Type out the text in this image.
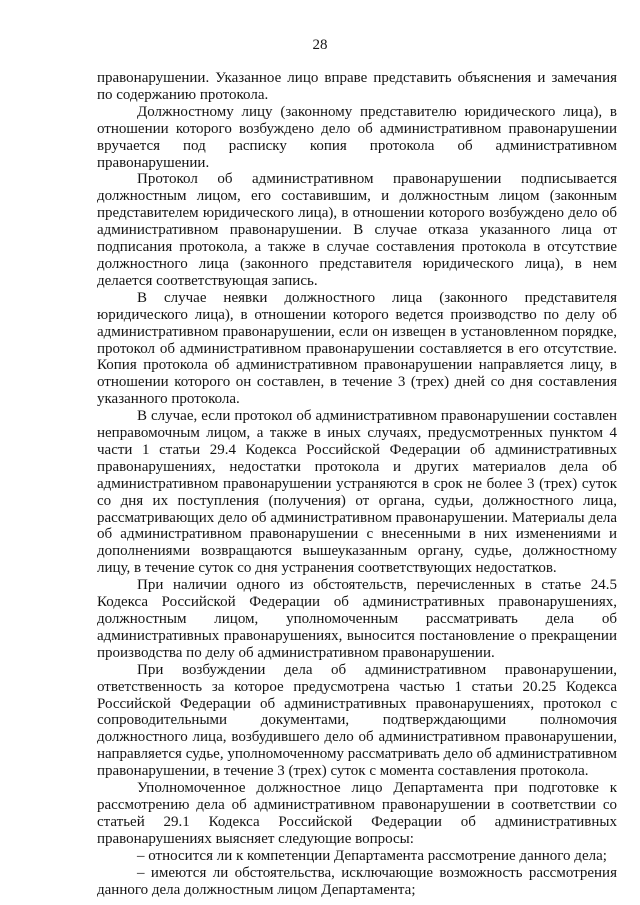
28

правонарушении. Указанное лицо вправе представить объяснения и замечания по содержанию протокола.

Должностному лицу (законному представителю юридического лица), в отношении которого возбуждено дело об административном правонарушении вручается под расписку копия протокола об административном правонарушении.

Протокол об административном правонарушении подписывается должностным лицом, его составившим, и должностным лицом (законным представителем юридического лица), в отношении которого возбуждено дело об административном правонарушении. В случае отказа указанного лица от подписания протокола, а также в случае составления протокола в отсутствие должностного лица (законного представителя юридического лица), в нем делается соответствующая запись.

В случае неявки должностного лица (законного представителя юридического лица), в отношении которого ведется производство по делу об административном правонарушении, если он извещен в установленном порядке, протокол об административном правонарушении составляется в его отсутствие. Копия протокола об административном правонарушении направляется лицу, в отношении которого он составлен, в течение 3 (трех) дней со дня составления указанного протокола.

В случае, если протокол об административном правонарушении составлен неправомочным лицом, а также в иных случаях, предусмотренных пунктом 4 части 1 статьи 29.4 Кодекса Российской Федерации об административных правонарушениях, недостатки протокола и других материалов дела об административном правонарушении устраняются в срок не более 3 (трех) суток со дня их поступления (получения) от органа, судьи, должностного лица, рассматривающих дело об административном правонарушении. Материалы дела об административном правонарушении с внесенными в них изменениями и дополнениями возвращаются вышеуказанным органу, судье, должностному лицу, в течение суток со дня устранения соответствующих недостатков.

При наличии одного из обстоятельств, перечисленных в статье 24.5 Кодекса Российской Федерации об административных правонарушениях, должностным лицом, уполномоченным рассматривать дела об административных правонарушениях, выносится постановление о прекращении производства по делу об административном правонарушении.

При возбуждении дела об административном правонарушении, ответственность за которое предусмотрена частью 1 статьи 20.25 Кодекса Российской Федерации об административных правонарушениях, протокол с сопроводительными документами, подтверждающими полномочия должностного лица, возбудившего дело об административном правонарушении, направляется судье, уполномоченному рассматривать дело об административном правонарушении, в течение 3 (трех) суток с момента составления протокола.

Уполномоченное должностное лицо Департамента при подготовке к рассмотрению дела об административном правонарушении в соответствии со статьей 29.1 Кодекса Российской Федерации об административных правонарушениях выясняет следующие вопросы:

– относится ли к компетенции Департамента рассмотрение данного дела;

– имеются ли обстоятельства, исключающие возможность рассмотрения данного дела должностным лицом Департамента;
